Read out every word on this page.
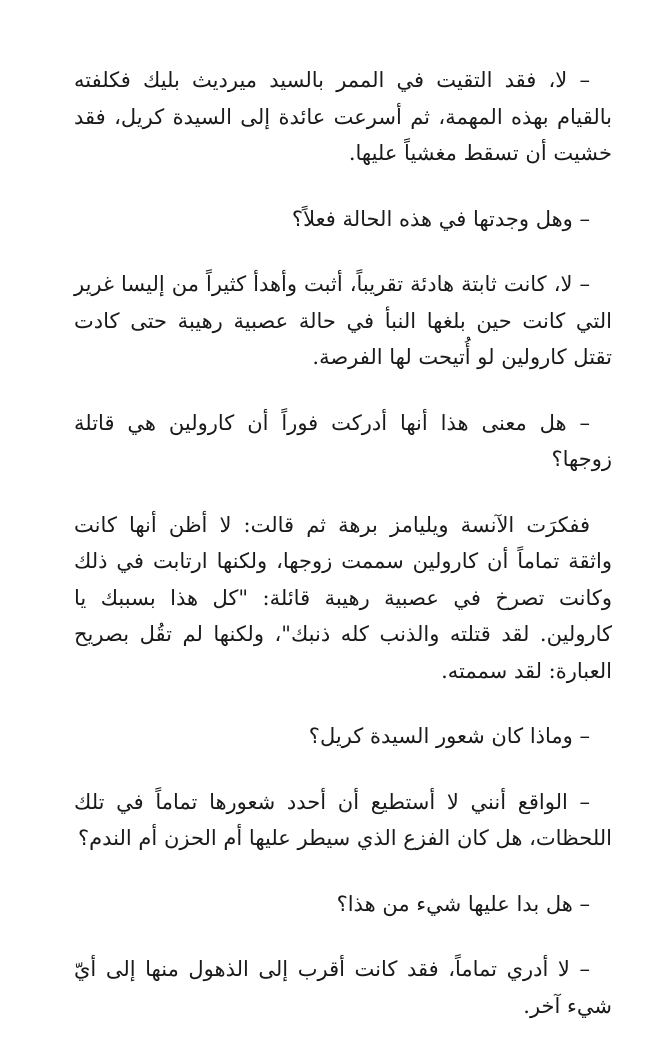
– لا، فقد التقيت في الممر بالسيد ميرديث بليك فكلفته بالقيام بهذه المهمة، ثم أسرعت عائدة إلى السيدة كريل، فقد خشيت أن تسقط مغشياً عليها.

– وهل وجدتها في هذه الحالة فعلاً؟

– لا، كانت ثابتة هادئة تقريباً، أثبت وأهدأ كثيراً من إليسا غرير التي كانت حين بلغها النبأ في حالة عصبية رهيبة حتى كادت تقتل كارولين لو أُتيحت لها الفرصة.

– هل معنى هذا أنها أدركت فوراً أن كارولين هي قاتلة زوجها؟

ففكرَت الآنسة ويليامز برهة ثم قالت: لا أظن أنها كانت واثقة تماماً أن كارولين سممت زوجها، ولكنها ارتابت في ذلك وكانت تصرخ في عصبية رهيبة قائلة: "كل هذا بسببك يا كارولين. لقد قتلته والذنب كله ذنبك"، ولكنها لم تقُل بصريح العبارة: لقد سممته.

– وماذا كان شعور السيدة كريل؟

– الواقع أنني لا أستطيع أن أحدد شعورها تماماً في تلك اللحظات، هل كان الفزع الذي سيطر عليها أم الحزن أم الندم؟

– هل بدا عليها شيء من هذا؟

– لا أدري تماماً، فقد كانت أقرب إلى الذهول منها إلى أيّ شيء آخر.
